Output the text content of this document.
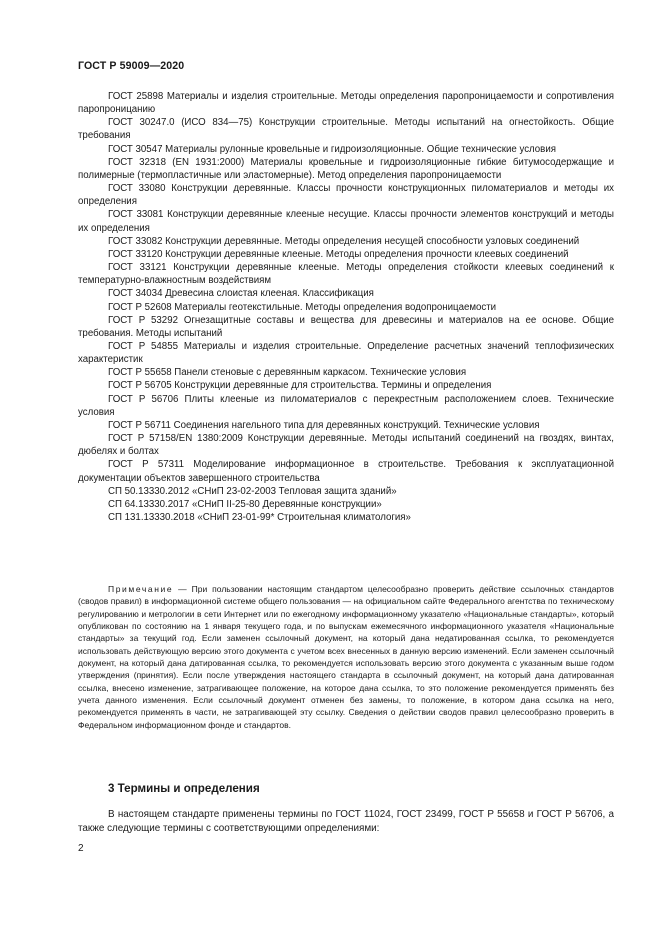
ГОСТ Р 59009—2020

ГОСТ 25898 Материалы и изделия строительные. Методы определения паропроницаемости и сопротивления паропроницанию

ГОСТ 30247.0 (ИСО 834—75) Конструкции строительные. Методы испытаний на огнестойкость. Общие требования

ГОСТ 30547 Материалы рулонные кровельные и гидроизоляционные. Общие технические условия

ГОСТ 32318 (EN 1931:2000) Материалы кровельные и гидроизоляционные гибкие битумосодержащие и полимерные (термопластичные или эластомерные). Метод определения паропроницаемости

ГОСТ 33080 Конструкции деревянные. Классы прочности конструкционных пиломатериалов и методы их определения

ГОСТ 33081 Конструкции деревянные клееные несущие. Классы прочности элементов конструкций и методы их определения

ГОСТ 33082 Конструкции деревянные. Методы определения несущей способности узловых соединений

ГОСТ 33120 Конструкции деревянные клееные. Методы определения прочности клеевых соединений

ГОСТ 33121 Конструкции деревянные клееные. Методы определения стойкости клеевых соединений к температурно-влажностным воздействиям

ГОСТ 34034 Древесина слоистая клееная. Классификация

ГОСТ Р 52608 Материалы геотекстильные. Методы определения водопроницаемости

ГОСТ Р 53292 Огнезащитные составы и вещества для древесины и материалов на ее основе. Общие требования. Методы испытаний

ГОСТ Р 54855 Материалы и изделия строительные. Определение расчетных значений теплофизических характеристик

ГОСТ Р 55658 Панели стеновые с деревянным каркасом. Технические условия

ГОСТ Р 56705 Конструкции деревянные для строительства. Термины и определения

ГОСТ Р 56706 Плиты клееные из пиломатериалов с перекрестным расположением слоев. Технические условия

ГОСТ Р 56711 Соединения нагельного типа для деревянных конструкций. Технические условия

ГОСТ Р 57158/EN 1380:2009 Конструкции деревянные. Методы испытаний соединений на гвоздях, винтах, дюбелях и болтах

ГОСТ Р 57311 Моделирование информационное в строительстве. Требования к эксплуатационной документации объектов завершенного строительства

СП 50.13330.2012 «СНиП 23-02-2003 Тепловая защита зданий»

СП 64.13330.2017 «СНиП II-25-80 Деревянные конструкции»

СП 131.13330.2018 «СНиП 23-01-99* Строительная климатология»

Примечание — При пользовании настоящим стандартом целесообразно проверить действие ссылочных стандартов (сводов правил) в информационной системе общего пользования — на официальном сайте Федерального агентства по техническому регулированию и метрологии в сети Интернет или по ежегодному информационному указателю «Национальные стандарты», который опубликован по состоянию на 1 января текущего года, и по выпускам ежемесячного информационного указателя «Национальные стандарты» за текущий год. Если заменен ссылочный документ, на который дана недатированная ссылка, то рекомендуется использовать действующую версию этого документа с учетом всех внесенных в данную версию изменений. Если заменен ссылочный документ, на который дана датированная ссылка, то рекомендуется использовать версию этого документа с указанным выше годом утверждения (принятия). Если после утверждения настоящего стандарта в ссылочный документ, на который дана датированная ссылка, внесено изменение, затрагивающее положение, на которое дана ссылка, то это положение рекомендуется применять без учета данного изменения. Если ссылочный документ отменен без замены, то положение, в котором дана ссылка на него, рекомендуется применять в части, не затрагивающей эту ссылку. Сведения о действии сводов правил целесообразно проверить в Федеральном информационном фонде и стандартов.

3 Термины и определения

В настоящем стандарте применены термины по ГОСТ 11024, ГОСТ 23499, ГОСТ Р 55658 и ГОСТ Р 56706, а также следующие термины с соответствующими определениями:

2
